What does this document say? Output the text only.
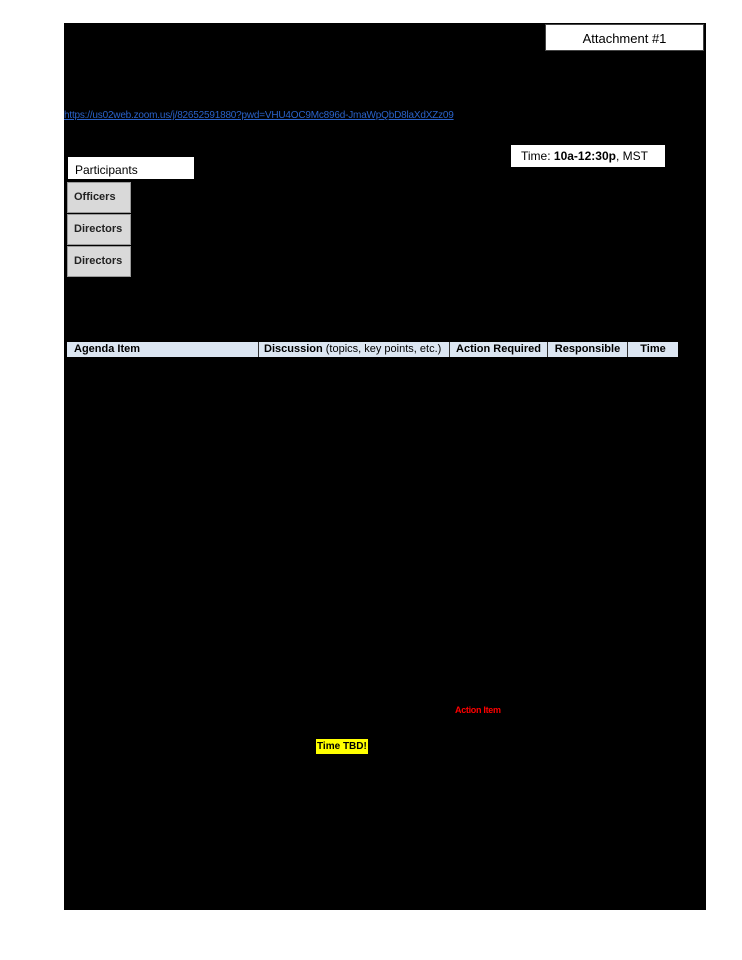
Attachment #1
https://us02web.zoom.us/j/82652591880?pwd=VHU4OC9Mc896d-JmaWpQbD8laXdXZz09
Time: 10a-12:30p, MST
Participants
Officers
Directors
Directors
Agenda Item	Discussion (topics, key points, etc.)	Action Required	Responsible	Time
Action Item
Time TBD!
